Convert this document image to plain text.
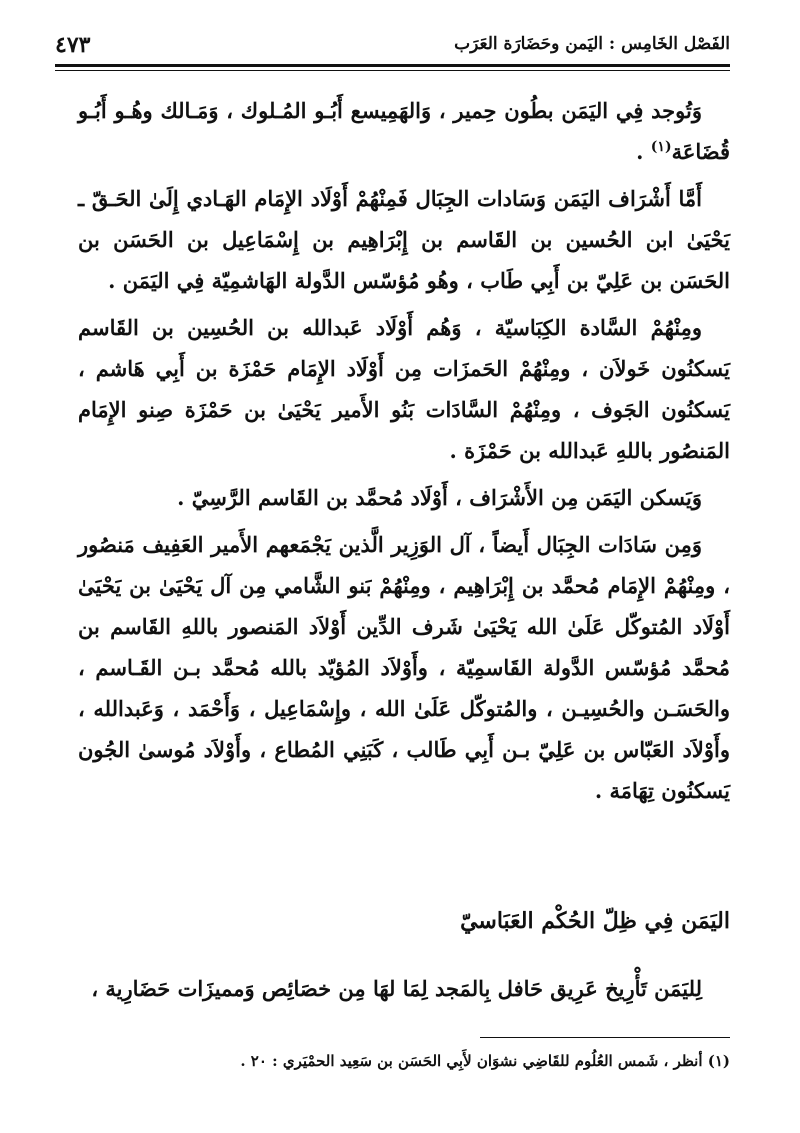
الفَصْل الخَامِس : اليَمن وحَضَارَة العَرَب
٤٧٣

وَتُوجد فِي اليَمَن بطُون حِمير ، وَالهَمِيسع أَبُـو المُـلوك ، وَمَـالك وهُـو أَبُـو قُضَاعَة$^{(١)}$ .

أَمَّا أَشْرَاف اليَمَن وَسَادات الجِبَال فَمِنْهُمْ أَوْلَاد الإِمَام الهَـادي إِلَىٰ الحَـقّ ـ يَحْيَىٰ ابن الحُسين بن القَاسم بن إِبْرَاهِيم بن إِسْمَاعِيل بن الحَسَن بن الحَسَن بن عَلِيّ بن أَبِي طَاب ، وهُو مُؤسّس الدَّولة الهَاشمِيّة فِي اليَمَن .

ومِنْهُمْ السَّادة الكِبَاسيّة ، وَهُم أَوْلَاد عَبدالله بن الحُسِين بن القَاسم يَسكنُون خَولاَن ، ومِنْهُمْ الحَمزَات مِن أَوْلَاد الإِمَام حَمْزَة بن أَبِي هَاشم ، يَسكنُون الجَوف ، ومِنْهُمْ السَّادَات بَنُو الأَمير يَحْيَىٰ بن حَمْزَة صِنو الإِمَام المَنصُور باللهِ عَبدالله بن حَمْزَة .

وَيَسكن اليَمَن مِن الأَشْرَاف ، أَوْلَاد مُحمَّد بن القَاسم الرَّسِيّ .

وَمِن سَادَات الجِبَال أَيضاً ، آل الوَزِير الَّذين يَجْمَعهم الأَمير العَفِيف مَنصُور ، ومِنْهُمْ الإِمَام مُحمَّد بن إِبْرَاهِيم ، ومِنْهُمْ بَنو الشَّامي مِن آل يَحْيَىٰ بن يَحْيَىٰ أَوْلَاد المُتوكّل عَلَىٰ الله يَحْيَىٰ شَرف الدِّين أَوْلاَد المَنصور باللهِ القَاسم بن مُحمَّد مُؤسّس الدَّولة القَاسمِيّة ، وأَوْلاَد المُؤيّد بالله مُحمَّد بـن القَـاسم ، والحَسَـن والحُسِيـن ، والمُتوكّل عَلَىٰ الله ، وإِسْمَاعِيل ، وَأَحْمَد ، وَعَبدالله ، وأَوْلاَد العَبّاس بن عَلِيّ بـن أَبِي طَالب ، كَبَنِي المُطاع ، وأَوْلاَد مُوسىٰ الجُون يَسكنُون تِهَامَة .

اليَمَن فِي ظِلّ الحُكْم العَبَاسيّ

لِليَمَن تَأْرِيخ عَرِيق حَافل بِالمَجد لِمَا لهَا مِن خصَائِص وَمميزَات حَضَارِية ،

(١) أنظر ، شَمس العُلُوم للقَاضِي نشوَان لأَبِي الحَسَن بن سَعِيد الحمْيَري : ٢٠ .
